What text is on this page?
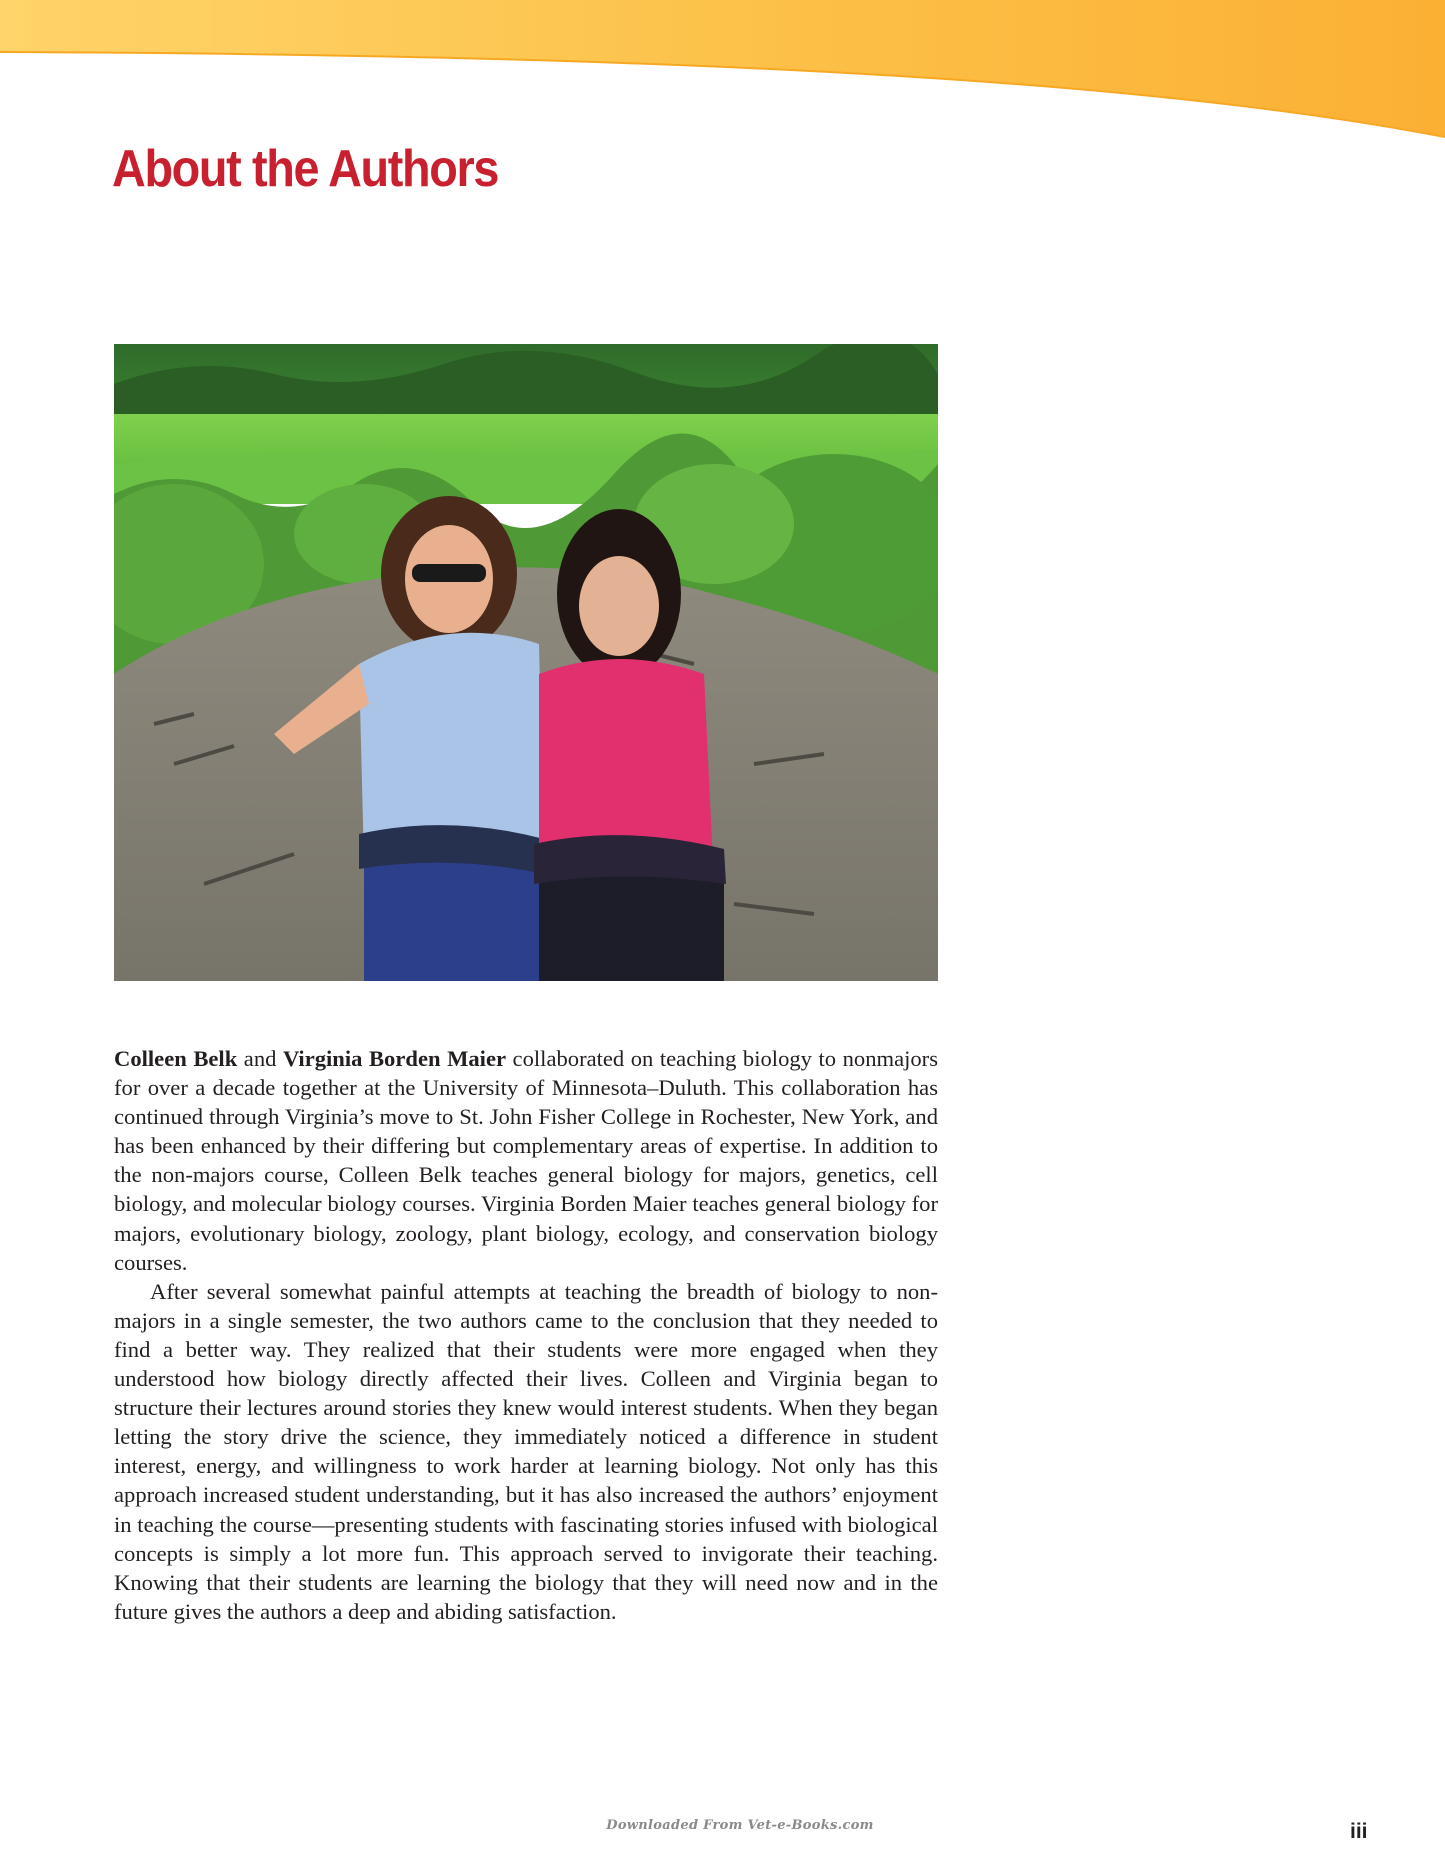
About the Authors

Colleen Belk and Virginia Borden Maier collaborated on teaching biology to nonmajors for over a decade together at the University of Minnesota–Duluth. This collaboration has continued through Virginia’s move to St. John Fisher College in Rochester, New York, and has been enhanced by their differing but complementary areas of expertise. In addition to the non-majors course, Colleen Belk teaches general biology for majors, genetics, cell biology, and molecular biology courses. Virginia Borden Maier teaches general biology for majors, evolutionary biology, zoology, plant biology, ecology, and conservation biology courses.

After several somewhat painful attempts at teaching the breadth of biology to non-majors in a single semester, the two authors came to the conclusion that they needed to find a better way. They realized that their students were more engaged when they understood how biology directly affected their lives. Colleen and Virginia began to structure their lectures around stories they knew would interest students. When they began letting the story drive the science, they immediately noticed a difference in student interest, energy, and willingness to work harder at learning biology. Not only has this approach increased student understanding, but it has also increased the authors’ enjoyment in teaching the course—presenting students with fascinating stories infused with biological concepts is simply a lot more fun. This approach served to invigorate their teaching. Knowing that their students are learning the biology that they will need now and in the future gives the authors a deep and abiding satisfaction.

Downloaded From Vet-e-Books.com	iii
